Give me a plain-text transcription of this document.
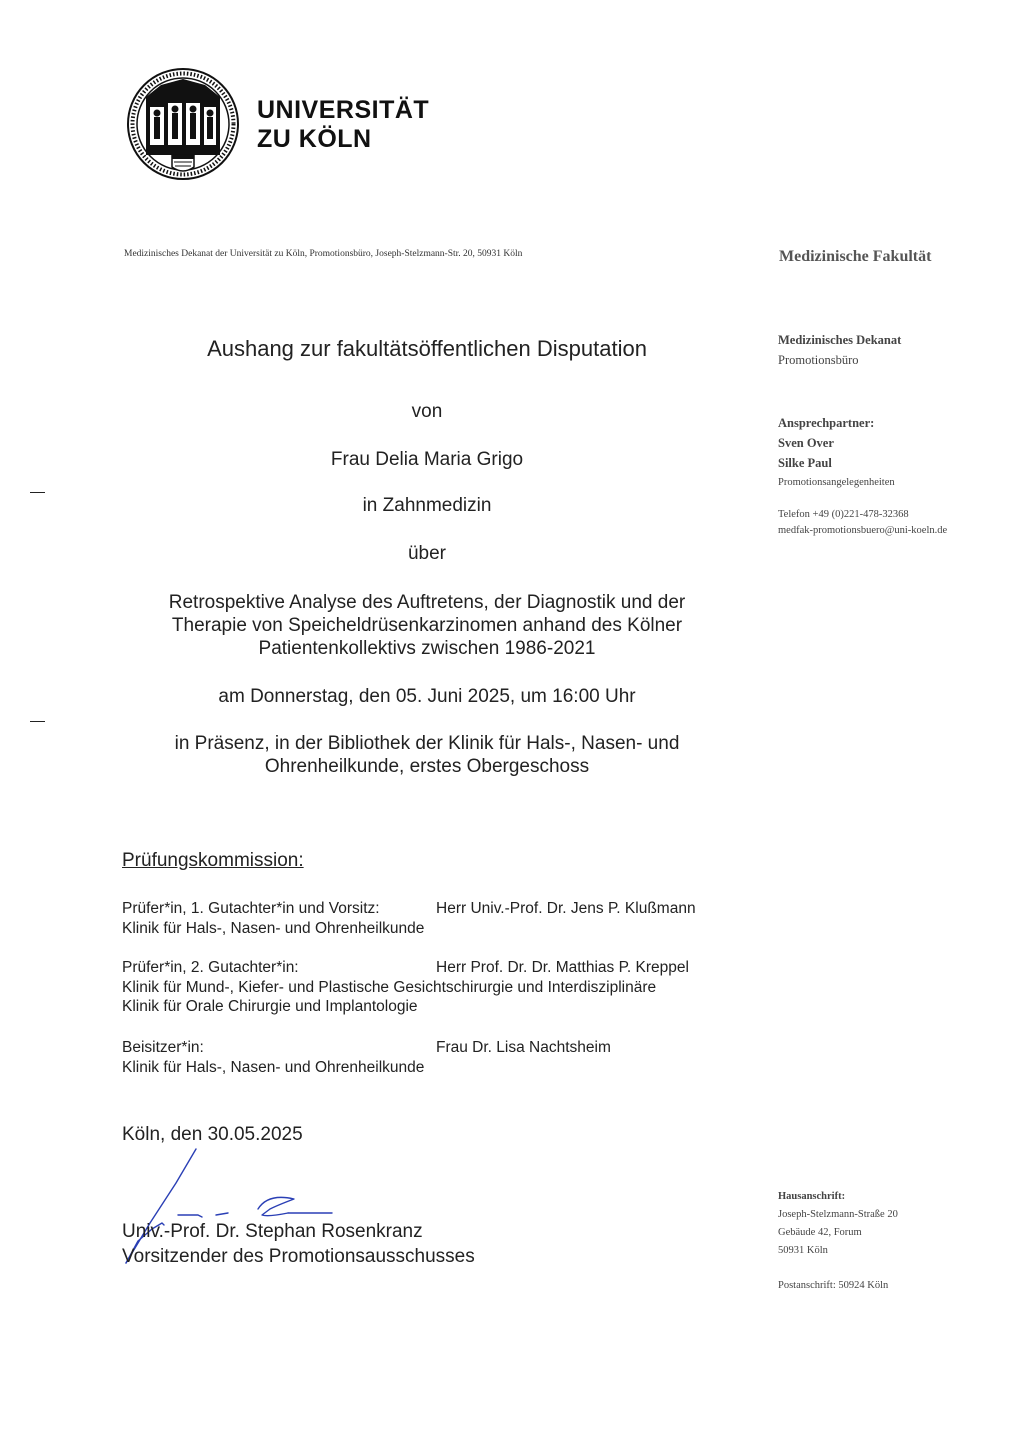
UNIVERSITÄT
ZU KÖLN
Medizinisches Dekanat der Universität zu Köln, Promotionsbüro, Joseph-Stelzmann-Str. 20, 50931 Köln	Medizinische Fakultät
Medizinisches Dekanat
Promotionsbüro
Ansprechpartner:
Sven Over
Silke Paul
Promotionsangelegenheiten
Telefon +49 (0)221-478-32368
medfak-promotionsbuero@uni-koeln.de
Hausanschrift:
Joseph-Stelzmann-Straße 20
Gebäude 42, Forum
50931 Köln
Postanschrift: 50924 Köln
Aushang zur fakultätsöffentlichen Disputation
von
Frau Delia Maria Grigo
in Zahnmedizin
über
Retrospektive Analyse des Auftretens, der Diagnostik und der
Therapie von Speicheldrüsenkarzinomen anhand des Kölner
Patientenkollektivs zwischen 1986-2021
am Donnerstag, den 05. Juni 2025, um 16:00 Uhr
in Präsenz, in der Bibliothek der Klinik für Hals-, Nasen- und
Ohrenheilkunde, erstes Obergeschoss
Prüfungskommission:
Prüfer*in, 1. Gutachter*in und Vorsitz:	Herr Univ.-Prof. Dr. Jens P. Klußmann
Klinik für Hals-, Nasen- und Ohrenheilkunde
Prüfer*in, 2. Gutachter*in:	Herr Prof. Dr. Dr. Matthias P. Kreppel
Klinik für Mund-, Kiefer- und Plastische Gesichtschirurgie und Interdisziplinäre
Klinik für Orale Chirurgie und Implantologie
Beisitzer*in:	Frau Dr. Lisa Nachtsheim
Klinik für Hals-, Nasen- und Ohrenheilkunde
Köln, den 30.05.2025
Univ.-Prof. Dr. Stephan Rosenkranz
Vorsitzender des Promotionsausschusses
